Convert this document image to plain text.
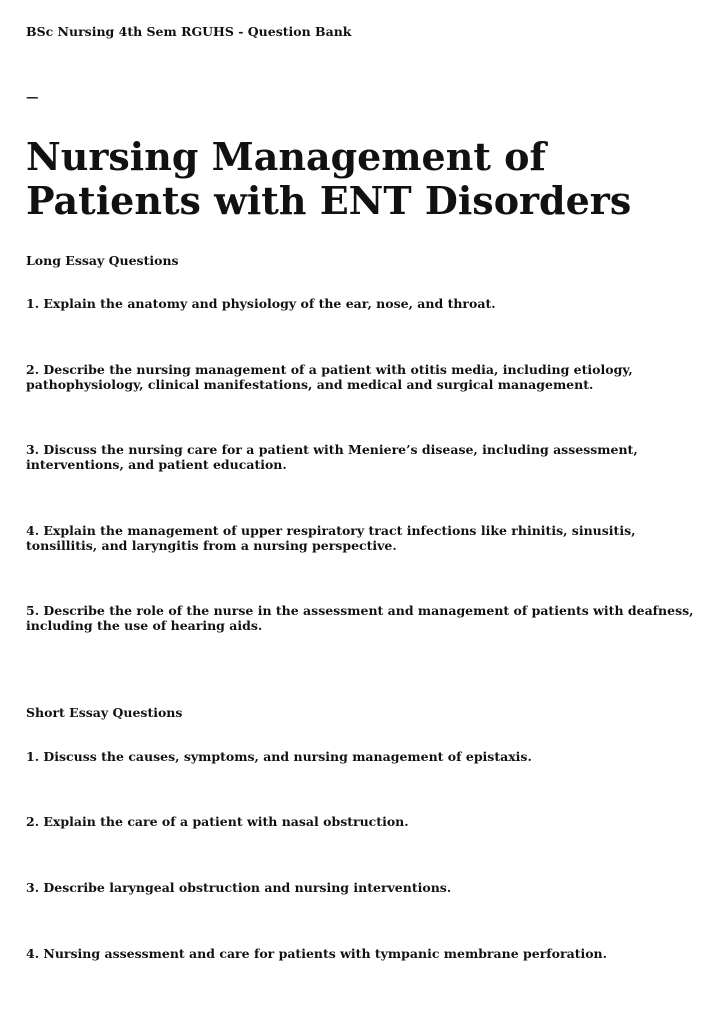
BSc Nursing 4th Sem RGUHS - Question Bank
—
Nursing Management of Patients with ENT Disorders
Long Essay Questions
1. Explain the anatomy and physiology of the ear, nose, and throat.
2. Describe the nursing management of a patient with otitis media, including etiology, pathophysiology, clinical manifestations, and medical and surgical management.
3. Discuss the nursing care for a patient with Meniere’s disease, including assessment, interventions, and patient education.
4. Explain the management of upper respiratory tract infections like rhinitis, sinusitis, tonsillitis, and laryngitis from a nursing perspective.
5. Describe the role of the nurse in the assessment and management of patients with deafness, including the use of hearing aids.
Short Essay Questions
1. Discuss the causes, symptoms, and nursing management of epistaxis.
2. Explain the care of a patient with nasal obstruction.
3. Describe laryngeal obstruction and nursing interventions.
4. Nursing assessment and care for patients with tympanic membrane perforation.
